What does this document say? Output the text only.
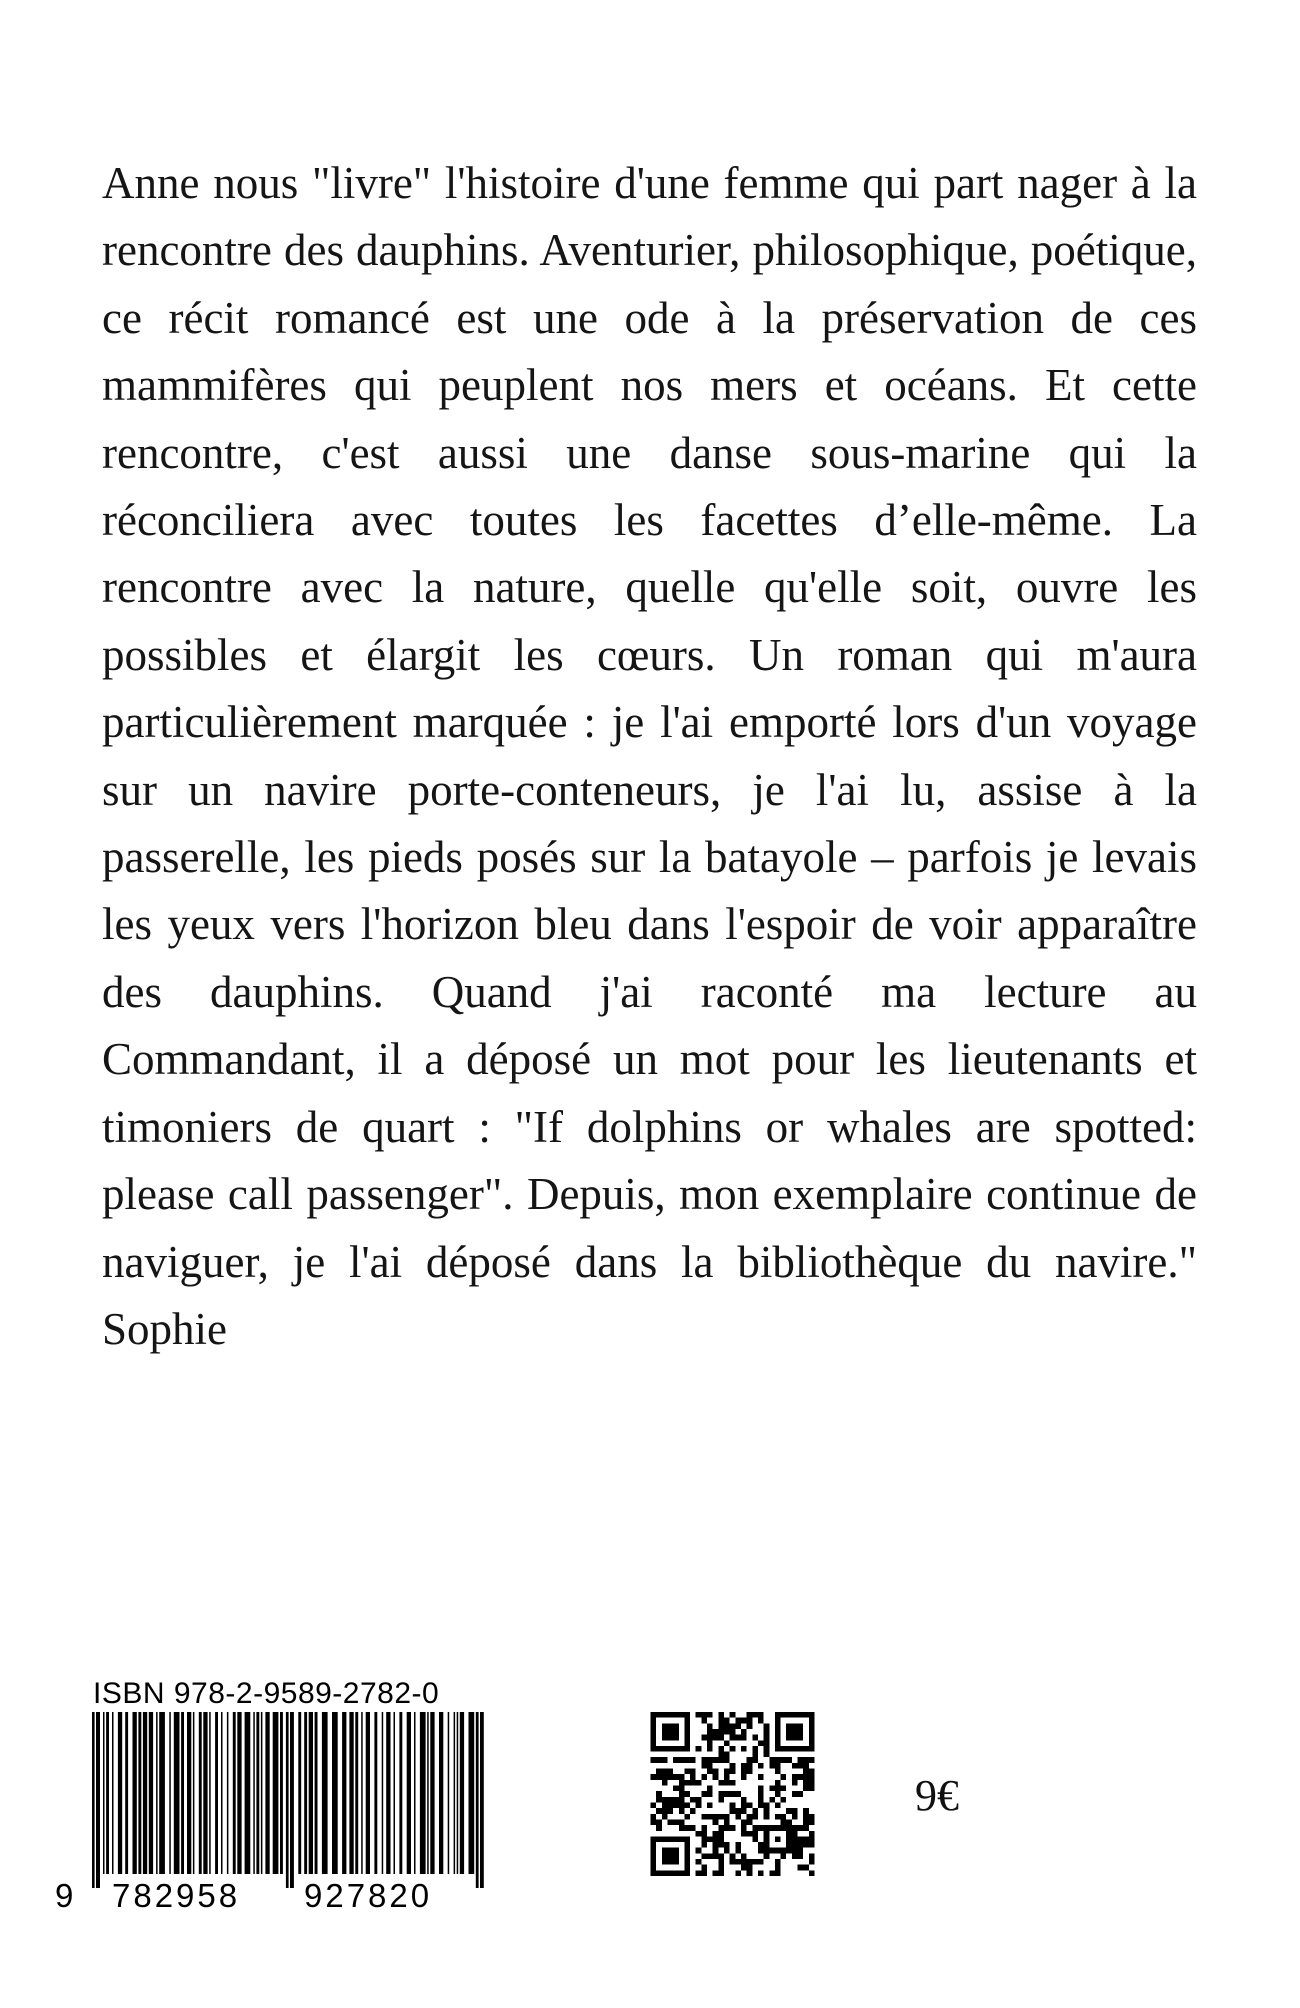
Anne nous "livre" l'histoire d'une femme qui part nager à la rencontre des dauphins. Aventurier, philosophique, poétique, ce récit romancé est une ode à la préservation de ces mammifères qui peuplent nos mers et océans. Et cette rencontre, c'est aussi une danse sous-marine qui la réconciliera avec toutes les facettes d’elle-même. La rencontre avec la nature, quelle qu'elle soit, ouvre les possibles et élargit les cœurs. Un roman qui m'aura particulièrement marquée : je l'ai emporté lors d'un voyage sur un navire porte-conteneurs, je l'ai lu, assise à la passerelle, les pieds posés sur la batayole – parfois je levais les yeux vers l'horizon bleu dans l'espoir de voir apparaître des dauphins. Quand j'ai raconté ma lecture au Commandant, il a déposé un mot pour les lieutenants et timoniers de quart : "If dolphins or whales are spotted: please call passenger". Depuis, mon exemplaire continue de naviguer, je l'ai déposé dans la bibliothèque du navire." Sophie

ISBN 978-2-9589-2782-0
9 782958 927820
9€
